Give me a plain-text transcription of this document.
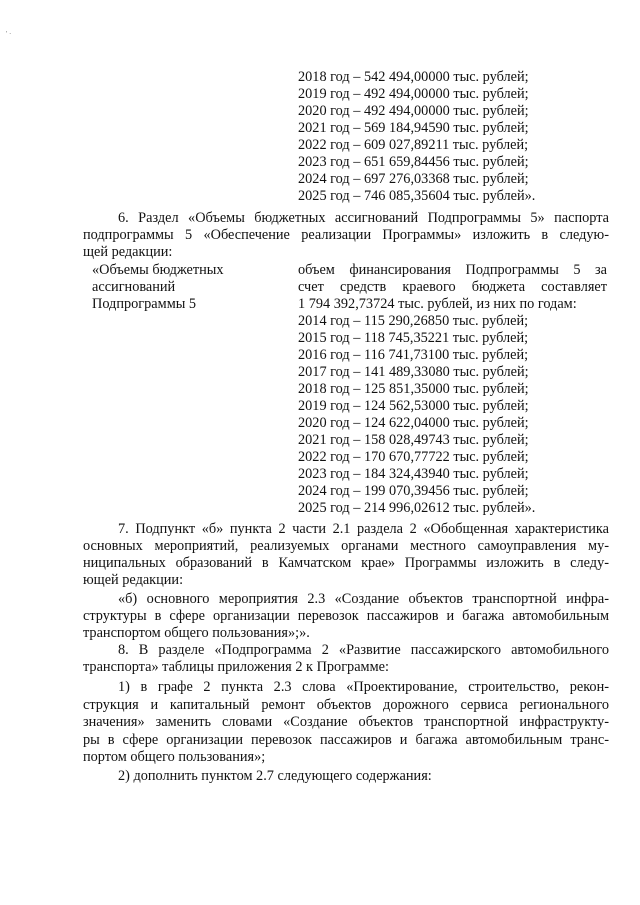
' ·
2018 год – 542 494,00000 тыс. рублей;
2019 год – 492 494,00000 тыс. рублей;
2020 год – 492 494,00000 тыс. рублей;
2021 год – 569 184,94590 тыс. рублей;
2022 год – 609 027,89211 тыс. рублей;
2023 год – 651 659,84456 тыс. рублей;
2024 год – 697 276,03368 тыс. рублей;
2025 год – 746 085,35604 тыс. рублей».
6. Раздел «Объемы бюджетных ассигнований Подпрограммы 5» паспорта
подпрограммы 5 «Обеспечение реализации Программы» изложить в следую-
щей редакции:
«Объемы бюджетных
ассигнований
Подпрограммы 5
объем финансирования Подпрограммы 5 за
счет средств краевого бюджета составляет
1 794 392,73724 тыс. рублей, из них по годам:
2014 год – 115 290,26850 тыс. рублей;
2015 год – 118 745,35221 тыс. рублей;
2016 год – 116 741,73100 тыс. рублей;
2017 год – 141 489,33080 тыс. рублей;
2018 год – 125 851,35000 тыс. рублей;
2019 год – 124 562,53000 тыс. рублей;
2020 год – 124 622,04000 тыс. рублей;
2021 год – 158 028,49743 тыс. рублей;
2022 год – 170 670,77722 тыс. рублей;
2023 год – 184 324,43940 тыс. рублей;
2024 год – 199 070,39456 тыс. рублей;
2025 год – 214 996,02612 тыс. рублей».
7. Подпункт «б» пункта 2 части 2.1 раздела 2 «Обобщенная характеристика
основных мероприятий, реализуемых органами местного самоуправления му-
ниципальных образований в Камчатском крае» Программы изложить в следу-
ющей редакции:
«б) основного мероприятия 2.3 «Создание объектов транспортной инфра-
структуры в сфере организации перевозок пассажиров и багажа автомобильным
транспортом общего пользования»;».
8. В разделе «Подпрограмма 2 «Развитие пассажирского автомобильного
транспорта» таблицы приложения 2 к Программе:
1) в графе 2 пункта 2.3 слова «Проектирование, строительство, рекон-
струкция и капитальный ремонт объектов дорожного сервиса регионального
значения» заменить словами «Создание объектов транспортной инфраструкту-
ры в сфере организации перевозок пассажиров и багажа автомобильным транс-
портом общего пользования»;
2) дополнить пунктом 2.7 следующего содержания:
